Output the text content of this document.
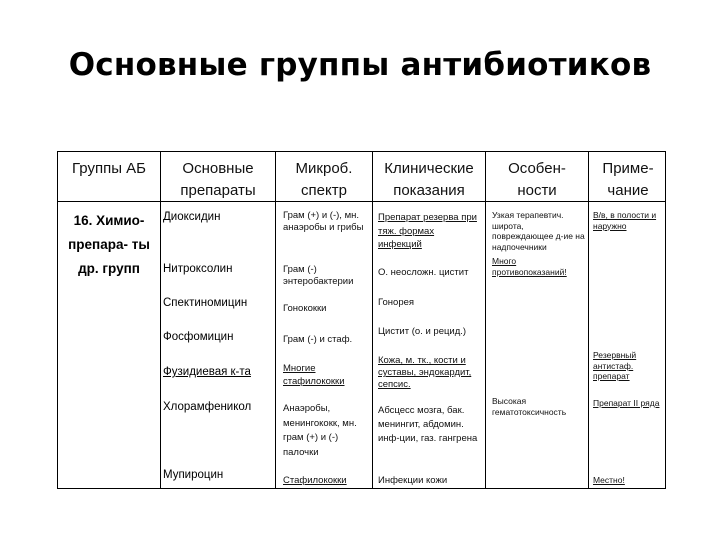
Основные группы антибиотиков
Группы АБ	Основные препараты
Микроб. спектр
Клинические показания
Особен-ности
Приме-чание
16. Химио- препара- ты др. групп
Диоксидин
Нитроксолин
Спектиномицин
Фосфомицин
Фузидиевая к-та
Хлорамфеникол
Мупироцин
Грам (+) и (-), мн. анаэробы и грибы
Грам (-) энтеробактерии
Гонококки
Грам (-) и стаф.
Многие стафилококки
Анаэробы, менингококк, мн. грам (+) и (-) палочки
Стафилококки
Препарат резерва при тяж. формах инфекций
О. неосложн. цистит
Гонорея
Цистит (о. и рецид.)
Кожа, м. тк., кости и суставы, эндокардит, сепсис.
Абсцесс мозга, бак. менингит, абдомин. инф-ции, газ. гангрена
Инфекции кожи
Узкая терапевтич. широта, повреждающее д-ие на надпочечники
Много противопоказаний!
Высокая гематотоксичность
В/в, в полости и наружно
Резервный антистаф. препарат
Препарат II ряда
Местно!
